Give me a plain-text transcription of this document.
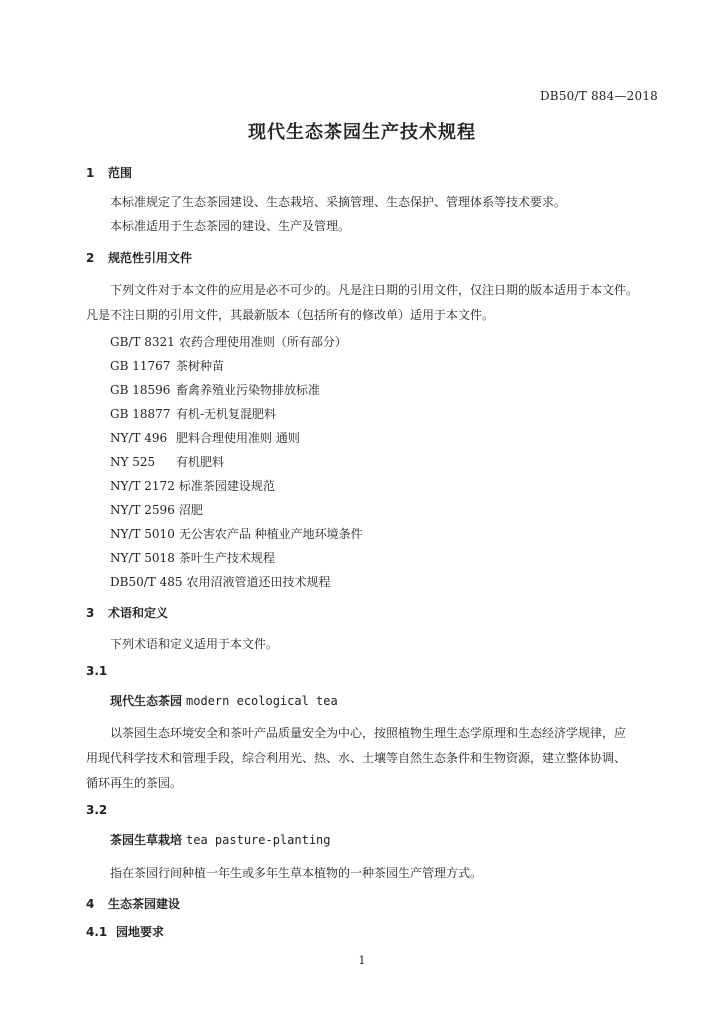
DB50/T 884—2018
现代生态茶园生产技术规程
1 范围
本标准规定了生态茶园建设、生态栽培、采摘管理、生态保护、管理体系等技术要求。
本标准适用于生态茶园的建设、生产及管理。
2 规范性引用文件
下列文件对于本文件的应用是必不可少的。凡是注日期的引用文件，仅注日期的版本适用于本文件。
凡是不注日期的引用文件，其最新版本（包括所有的修改单）适用于本文件。
GB/T 8321 农药合理使用准则（所有部分）
GB 11767 茶树种苗
GB 18596 畜禽养殖业污染物排放标准
GB 18877 有机-无机复混肥料
NY/T 496 肥料合理使用准则 通则
NY 525 有机肥料
NY/T 2172 标准茶园建设规范
NY/T 2596 沼肥
NY/T 5010 无公害农产品 种植业产地环境条件
NY/T 5018 茶叶生产技术规程
DB50/T 485 农用沼液管道还田技术规程
3 术语和定义
下列术语和定义适用于本文件。
3.1
现代生态茶园 modern ecological tea
以茶园生态环境安全和茶叶产品质量安全为中心，按照植物生理生态学原理和生态经济学规律，应
用现代科学技术和管理手段，综合利用光、热、水、土壤等自然生态条件和生物资源，建立整体协调、
循环再生的茶园。
3.2
茶园生草栽培 tea pasture-planting
指在茶园行间种植一年生或多年生草本植物的一种茶园生产管理方式。
4 生态茶园建设
4.1 园地要求
1
